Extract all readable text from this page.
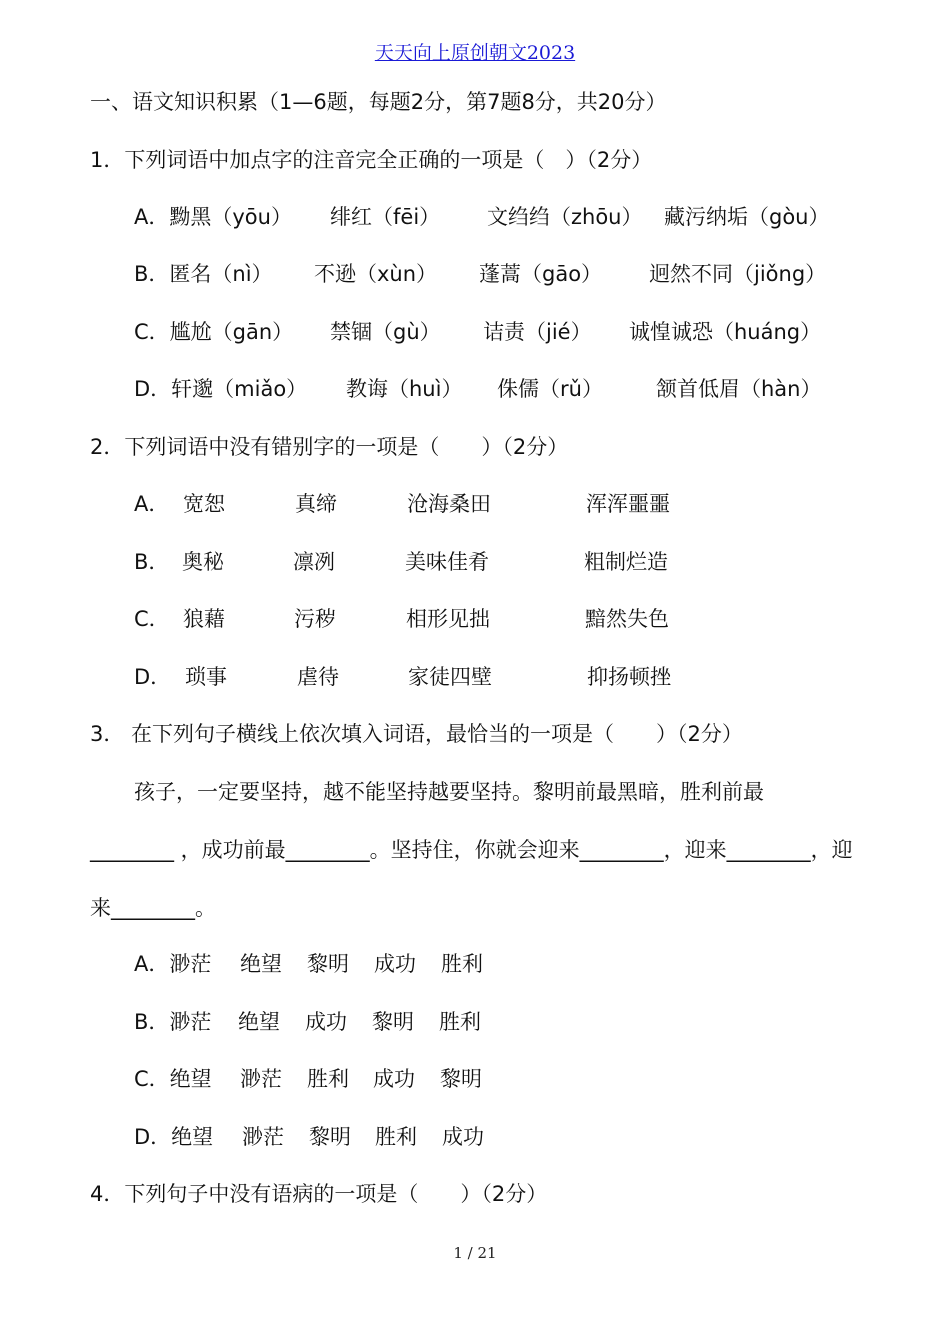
天天向上原创朝文2023
一、语文知识积累（1—6题，每题2分，第7题8分，共20分）
1．下列词语中加点字的注音完全正确的一项是（　）（2分）
A．黝黑（yōu） 绯红（fēi） 文绉绉（zhōu） 藏污纳垢（gòu）
B．匿名（nì） 不逊（xùn） 蓬蒿（gāo） 迥然不同（jiǒng）
C．尴尬（gān） 禁锢（gù） 诘责（jié） 诚惶诚恐（huáng）
D．轩邈（miǎo） 教诲（huì） 侏儒（rǔ）	颔首低眉（hàn）
2．下列词语中没有错别字的一项是（　　）（2分）
A． 宽恕	真缔	沧海桑田	浑浑噩噩
B． 奥秘	凛冽	美味佳肴	粗制烂造
C． 狼藉	污秽	相形见拙	黯然失色
D． 琐事	虐待	家徒四壁	抑扬顿挫
3． 在下列句子横线上依次填入词语，最恰当的一项是（　　）（2分）
孩子，一定要坚持，越不能坚持越要坚持。黎明前最黑暗，胜利前最
________ ，成功前最________。坚持住，你就会迎来________，迎来________，迎
来________。
A．渺茫 绝望 黎明 成功 胜利
B．渺茫 绝望 成功 黎明 胜利
C．绝望 渺茫 胜利 成功 黎明
D．绝望 渺茫 黎明 胜利 成功
4．下列句子中没有语病的一项是（　　）（2分）
1 / 21
